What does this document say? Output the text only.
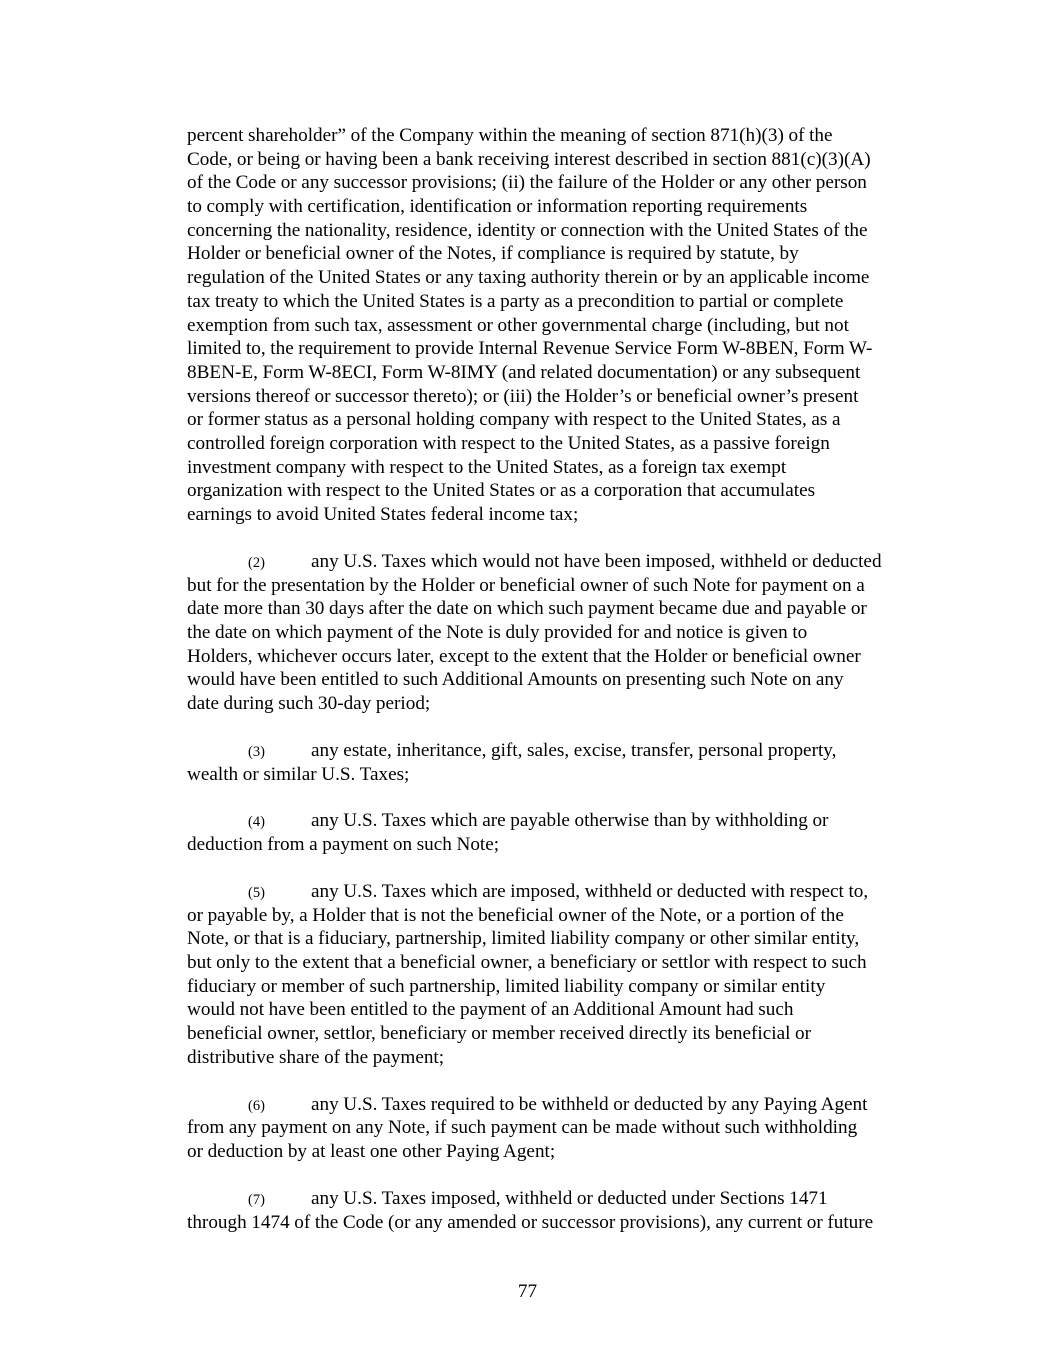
percent shareholder” of the Company within the meaning of section 871(h)(3) of the
Code, or being or having been a bank receiving interest described in section 881(c)(3)(A)
of the Code or any successor provisions; (ii) the failure of the Holder or any other person
to comply with certification, identification or information reporting requirements
concerning the nationality, residence, identity or connection with the United States of the
Holder or beneficial owner of the Notes, if compliance is required by statute, by
regulation of the United States or any taxing authority therein or by an applicable income
tax treaty to which the United States is a party as a precondition to partial or complete
exemption from such tax, assessment or other governmental charge (including, but not
limited to, the requirement to provide Internal Revenue Service Form W-8BEN, Form W-
8BEN-E, Form W-8ECI, Form W-8IMY (and related documentation) or any subsequent
versions thereof or successor thereto); or (iii) the Holder’s or beneficial owner’s present
or former status as a personal holding company with respect to the United States, as a
controlled foreign corporation with respect to the United States, as a passive foreign
investment company with respect to the United States, as a foreign tax exempt
organization with respect to the United States or as a corporation that accumulates
earnings to avoid United States federal income tax;
(2) any U.S. Taxes which would not have been imposed, withheld or deducted
but for the presentation by the Holder or beneficial owner of such Note for payment on a
date more than 30 days after the date on which such payment became due and payable or
the date on which payment of the Note is duly provided for and notice is given to
Holders, whichever occurs later, except to the extent that the Holder or beneficial owner
would have been entitled to such Additional Amounts on presenting such Note on any
date during such 30-day period;
(3) any estate, inheritance, gift, sales, excise, transfer, personal property,
wealth or similar U.S. Taxes;
(4) any U.S. Taxes which are payable otherwise than by withholding or
deduction from a payment on such Note;
(5) any U.S. Taxes which are imposed, withheld or deducted with respect to,
or payable by, a Holder that is not the beneficial owner of the Note, or a portion of the
Note, or that is a fiduciary, partnership, limited liability company or other similar entity,
but only to the extent that a beneficial owner, a beneficiary or settlor with respect to such
fiduciary or member of such partnership, limited liability company or similar entity
would not have been entitled to the payment of an Additional Amount had such
beneficial owner, settlor, beneficiary or member received directly its beneficial or
distributive share of the payment;
(6) any U.S. Taxes required to be withheld or deducted by any Paying Agent
from any payment on any Note, if such payment can be made without such withholding
or deduction by at least one other Paying Agent;
(7) any U.S. Taxes imposed, withheld or deducted under Sections 1471
through 1474 of the Code (or any amended or successor provisions), any current or future
77
